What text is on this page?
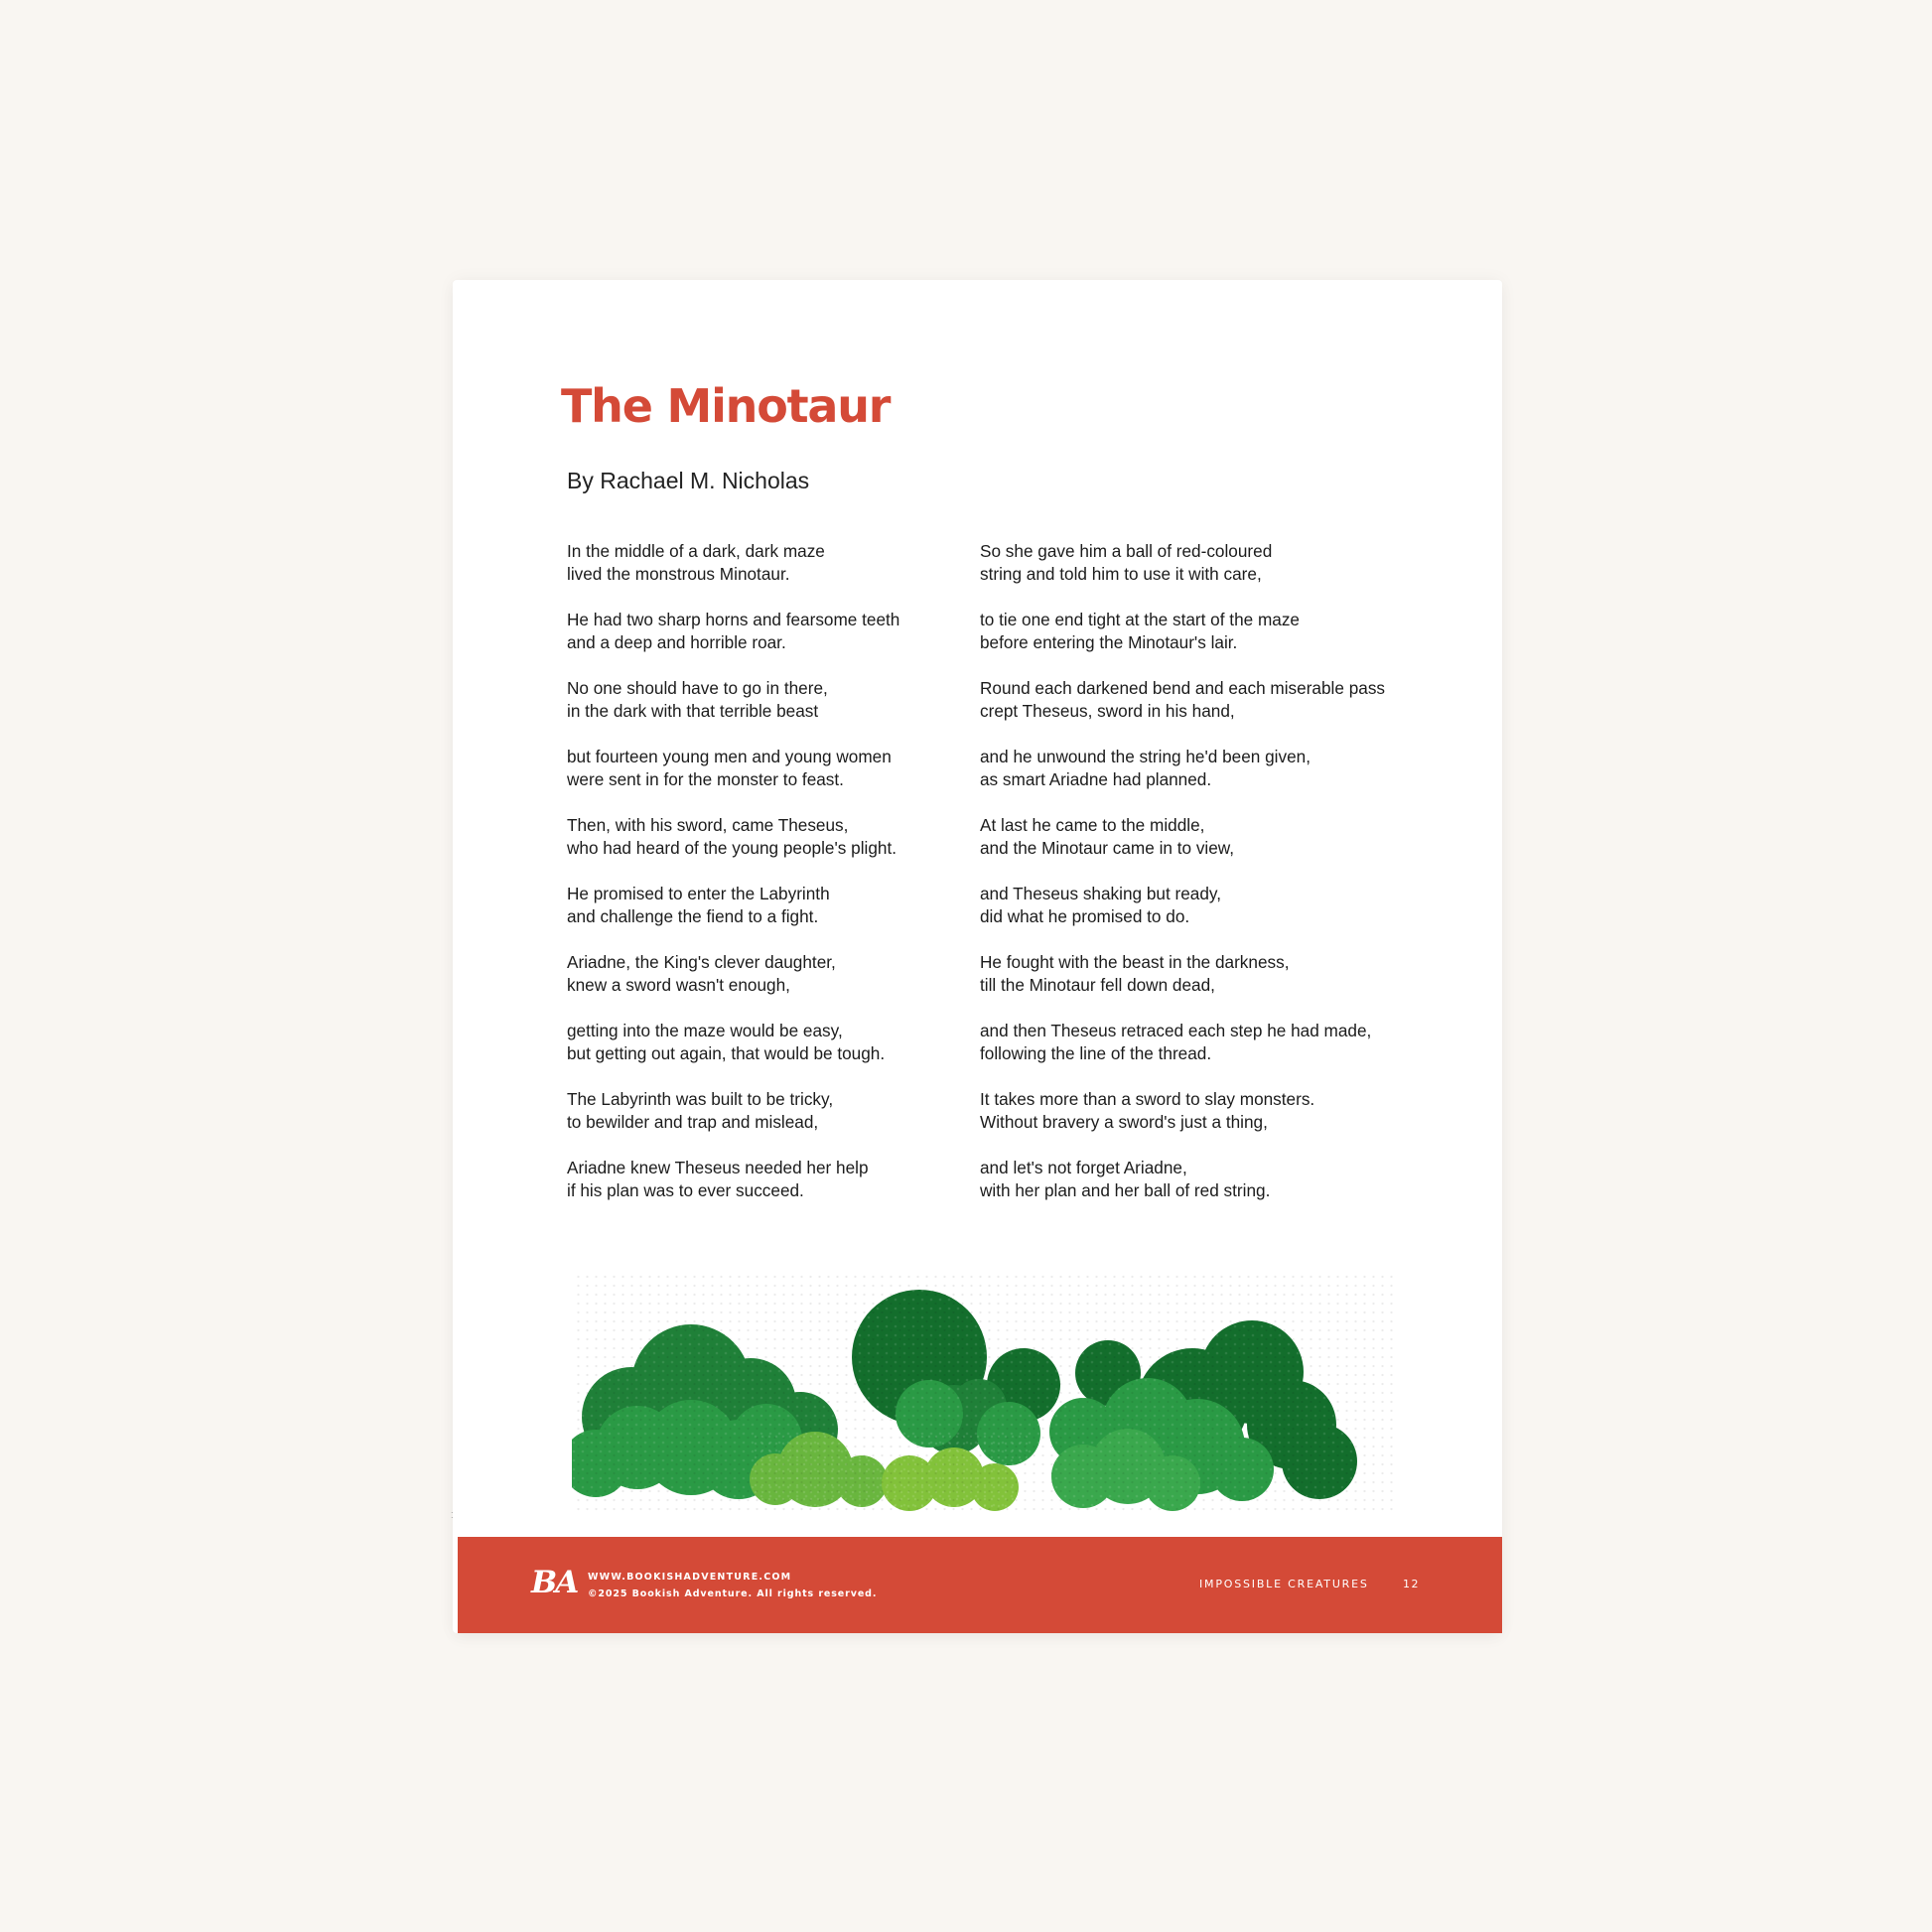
The Minotaur

By Rachael M. Nicholas

In the middle of a dark, dark maze
lived the monstrous Minotaur.

He had two sharp horns and fearsome teeth
and a deep and horrible roar.

No one should have to go in there,
in the dark with that terrible beast

but fourteen young men and young women
were sent in for the monster to feast.

Then, with his sword, came Theseus,
who had heard of the young people's plight.

He promised to enter the Labyrinth
and challenge the fiend to a fight.

Ariadne, the King's clever daughter,
knew a sword wasn't enough,

getting into the maze would be easy,
but getting out again, that would be tough.

The Labyrinth was built to be tricky,
to bewilder and trap and mislead,

Ariadne knew Theseus needed her help
if his plan was to ever succeed.

So she gave him a ball of red-coloured
string and told him to use it with care,

to tie one end tight at the start of the maze
before entering the Minotaur's lair.

Round each darkened bend and each miserable pass
crept Theseus, sword in his hand,

and he unwound the string he'd been given,
as smart Ariadne had planned.

At last he came to the middle,
and the Minotaur came in to view,

and Theseus shaking but ready,
did what he promised to do.

He fought with the beast in the darkness,
till the Minotaur fell down dead,

and then Theseus retraced each step he had made,
following the line of the thread.

It takes more than a sword to slay monsters.
Without bravery a sword's just a thing,

and let's not forget Ariadne,
with her plan and her ball of red string.

⁚
BA WWW.BOOKISHADVENTURE.COM
©2025 Bookish Adventure. All rights reserved.
IMPOSSIBLE CREATURES	12
